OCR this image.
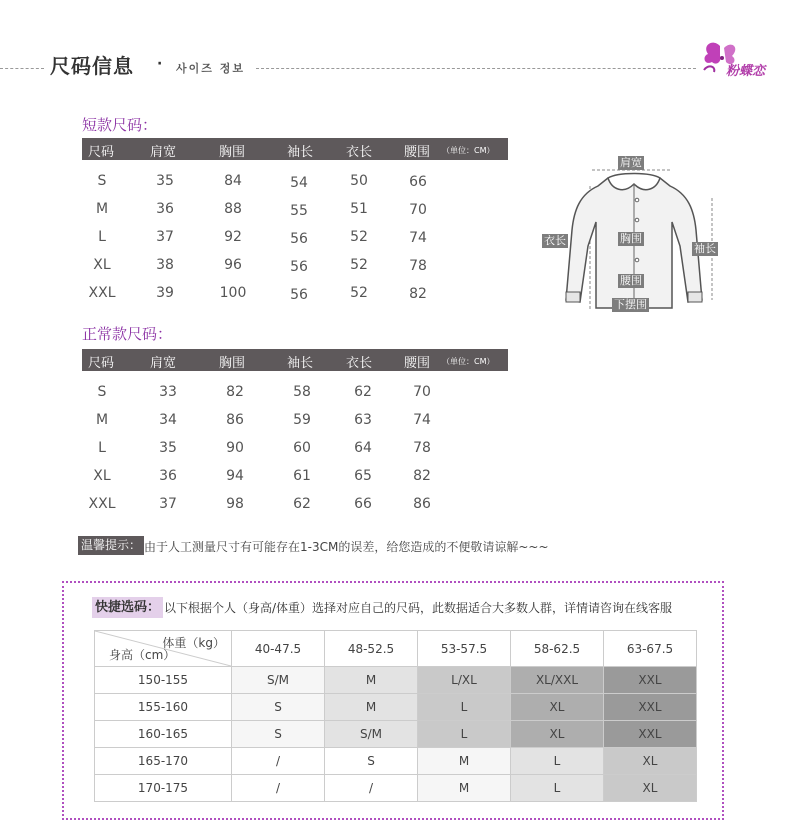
尺码信息 · 사이즈 정보	粉蝶恋
短款尺码：
尺码	肩宽	胸围	袖长	衣长 腰围 （单位：CM）
S	35	84	54	50	66
M	36	88	55	51	70
L	37	92	56	52	74
XL	38	96	56	52	78
XXL	39	100	56	52	82
正常款尺码：
尺码	肩宽	胸围	袖长	衣长 腰围 （单位：CM）
S	33	82	58	62	70
M	34	86	59	63	74
L	35	90	60	64	78
XL	36	94	61	65	82
XXL	37	98	62	66	86
肩宽
衣长	胸围
袖长
腰围
下摆围
温馨提示： 由于人工测量尺寸有可能存在1-3CM的误差，给您造成的不便敬请谅解~~~
快捷选码： 以下根据个人（身高/体重）选择对应自己的尺码，此数据适合大多数人群，详情请咨询在线客服
体重（kg）
身高（cm）	40-47.5	48-52.5	53-57.5	58-62.5	63-67.5
150-155	S/M	M	L/XL	XL/XXL	XXL
155-160	S	M	L	XL	XXL
160-165	S	S/M	L	XL	XXL
165-170	/	S	M	L	XL
170-175	/	/	M	L	XL
